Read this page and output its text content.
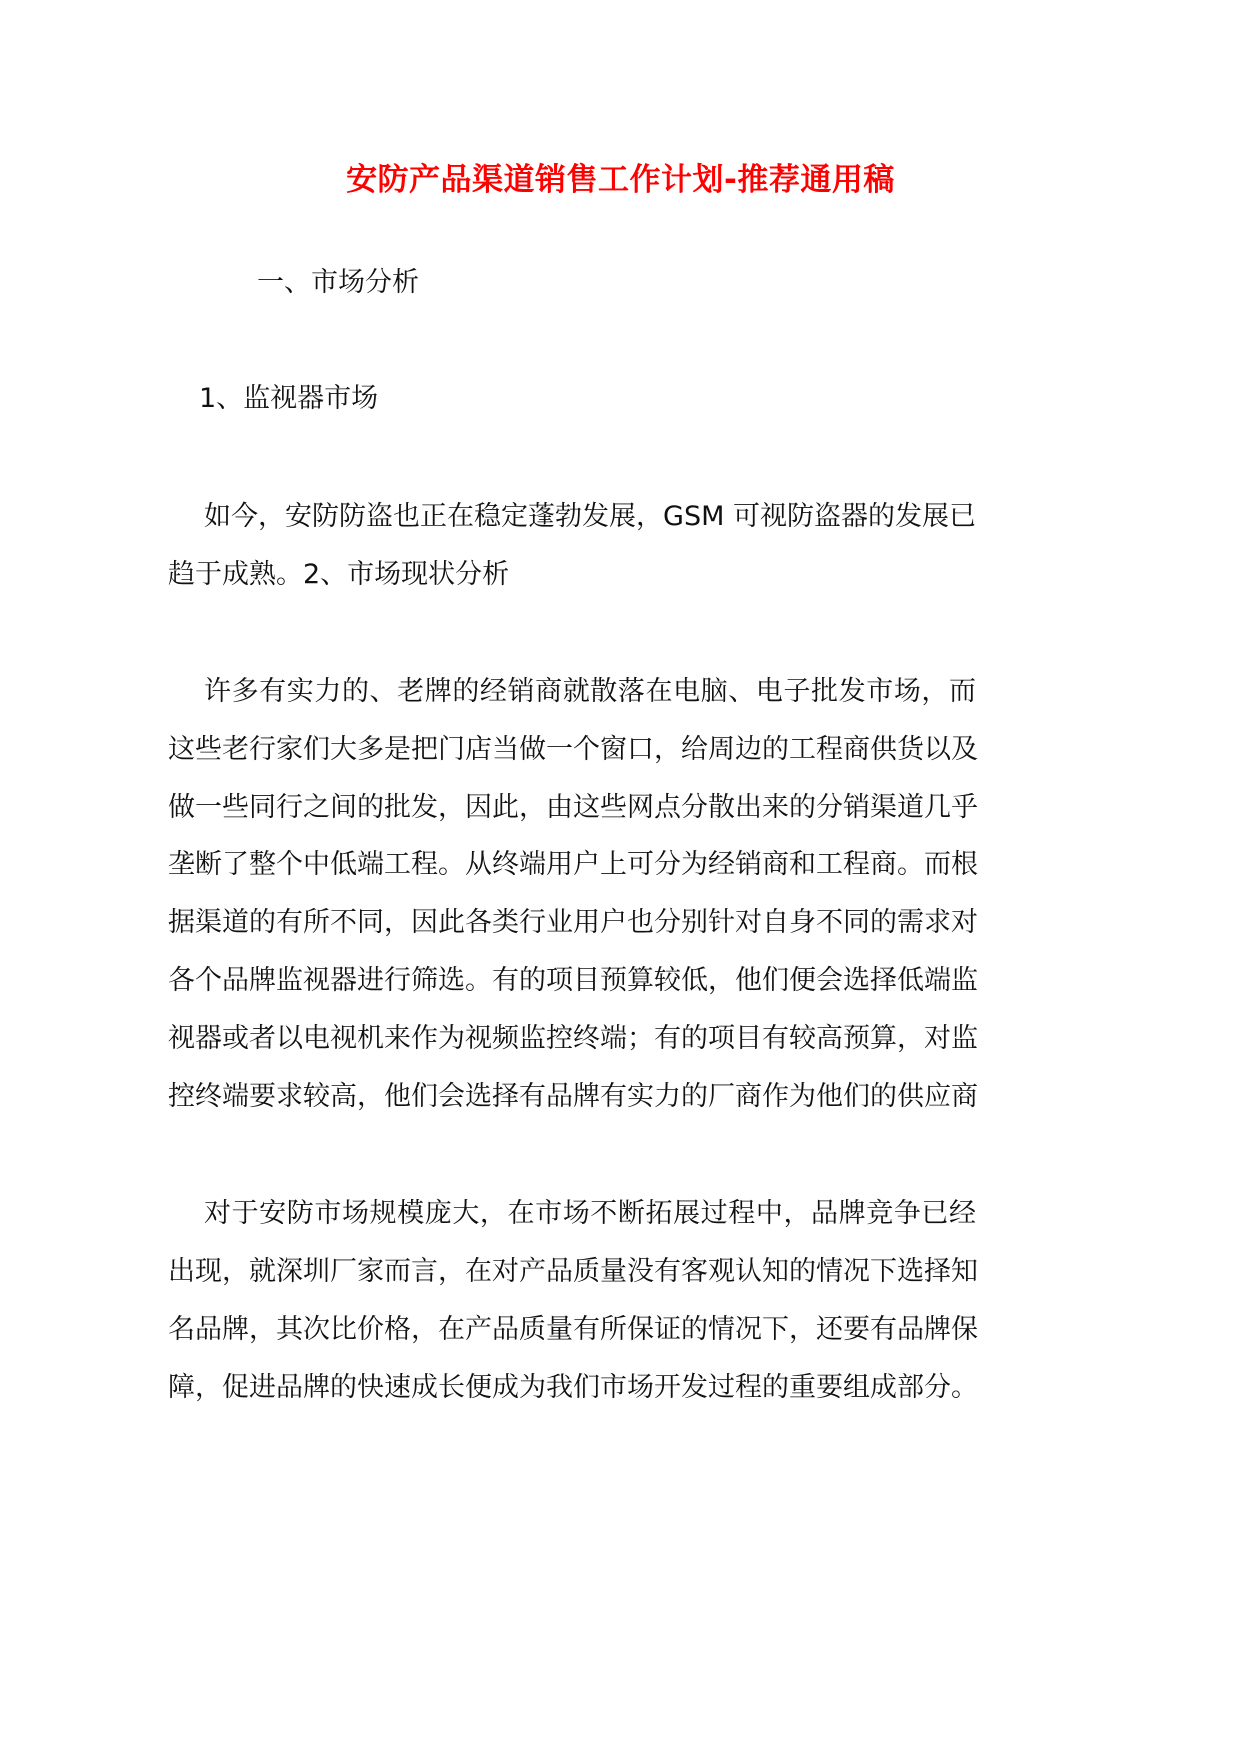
安防产品渠道销售工作计划-推荐通用稿
一、市场分析
1、监视器市场
如今，安防防盗也正在稳定蓬勃发展，GSM 可视防盗器的发展已
趋于成熟。2、市场现状分析
许多有实力的、老牌的经销商就散落在电脑、电子批发市场，而
这些老行家们大多是把门店当做一个窗口，给周边的工程商供货以及
做一些同行之间的批发，因此，由这些网点分散出来的分销渠道几乎
垄断了整个中低端工程。从终端用户上可分为经销商和工程商。而根
据渠道的有所不同，因此各类行业用户也分别针对自身不同的需求对
各个品牌监视器进行筛选。有的项目预算较低，他们便会选择低端监
视器或者以电视机来作为视频监控终端；有的项目有较高预算，对监
控终端要求较高，他们会选择有品牌有实力的厂商作为他们的供应商
对于安防市场规模庞大，在市场不断拓展过程中，品牌竞争已经
出现，就深圳厂家而言，在对产品质量没有客观认知的情况下选择知
名品牌，其次比价格，在产品质量有所保证的情况下，还要有品牌保
障，促进品牌的快速成长便成为我们市场开发过程的重要组成部分。
